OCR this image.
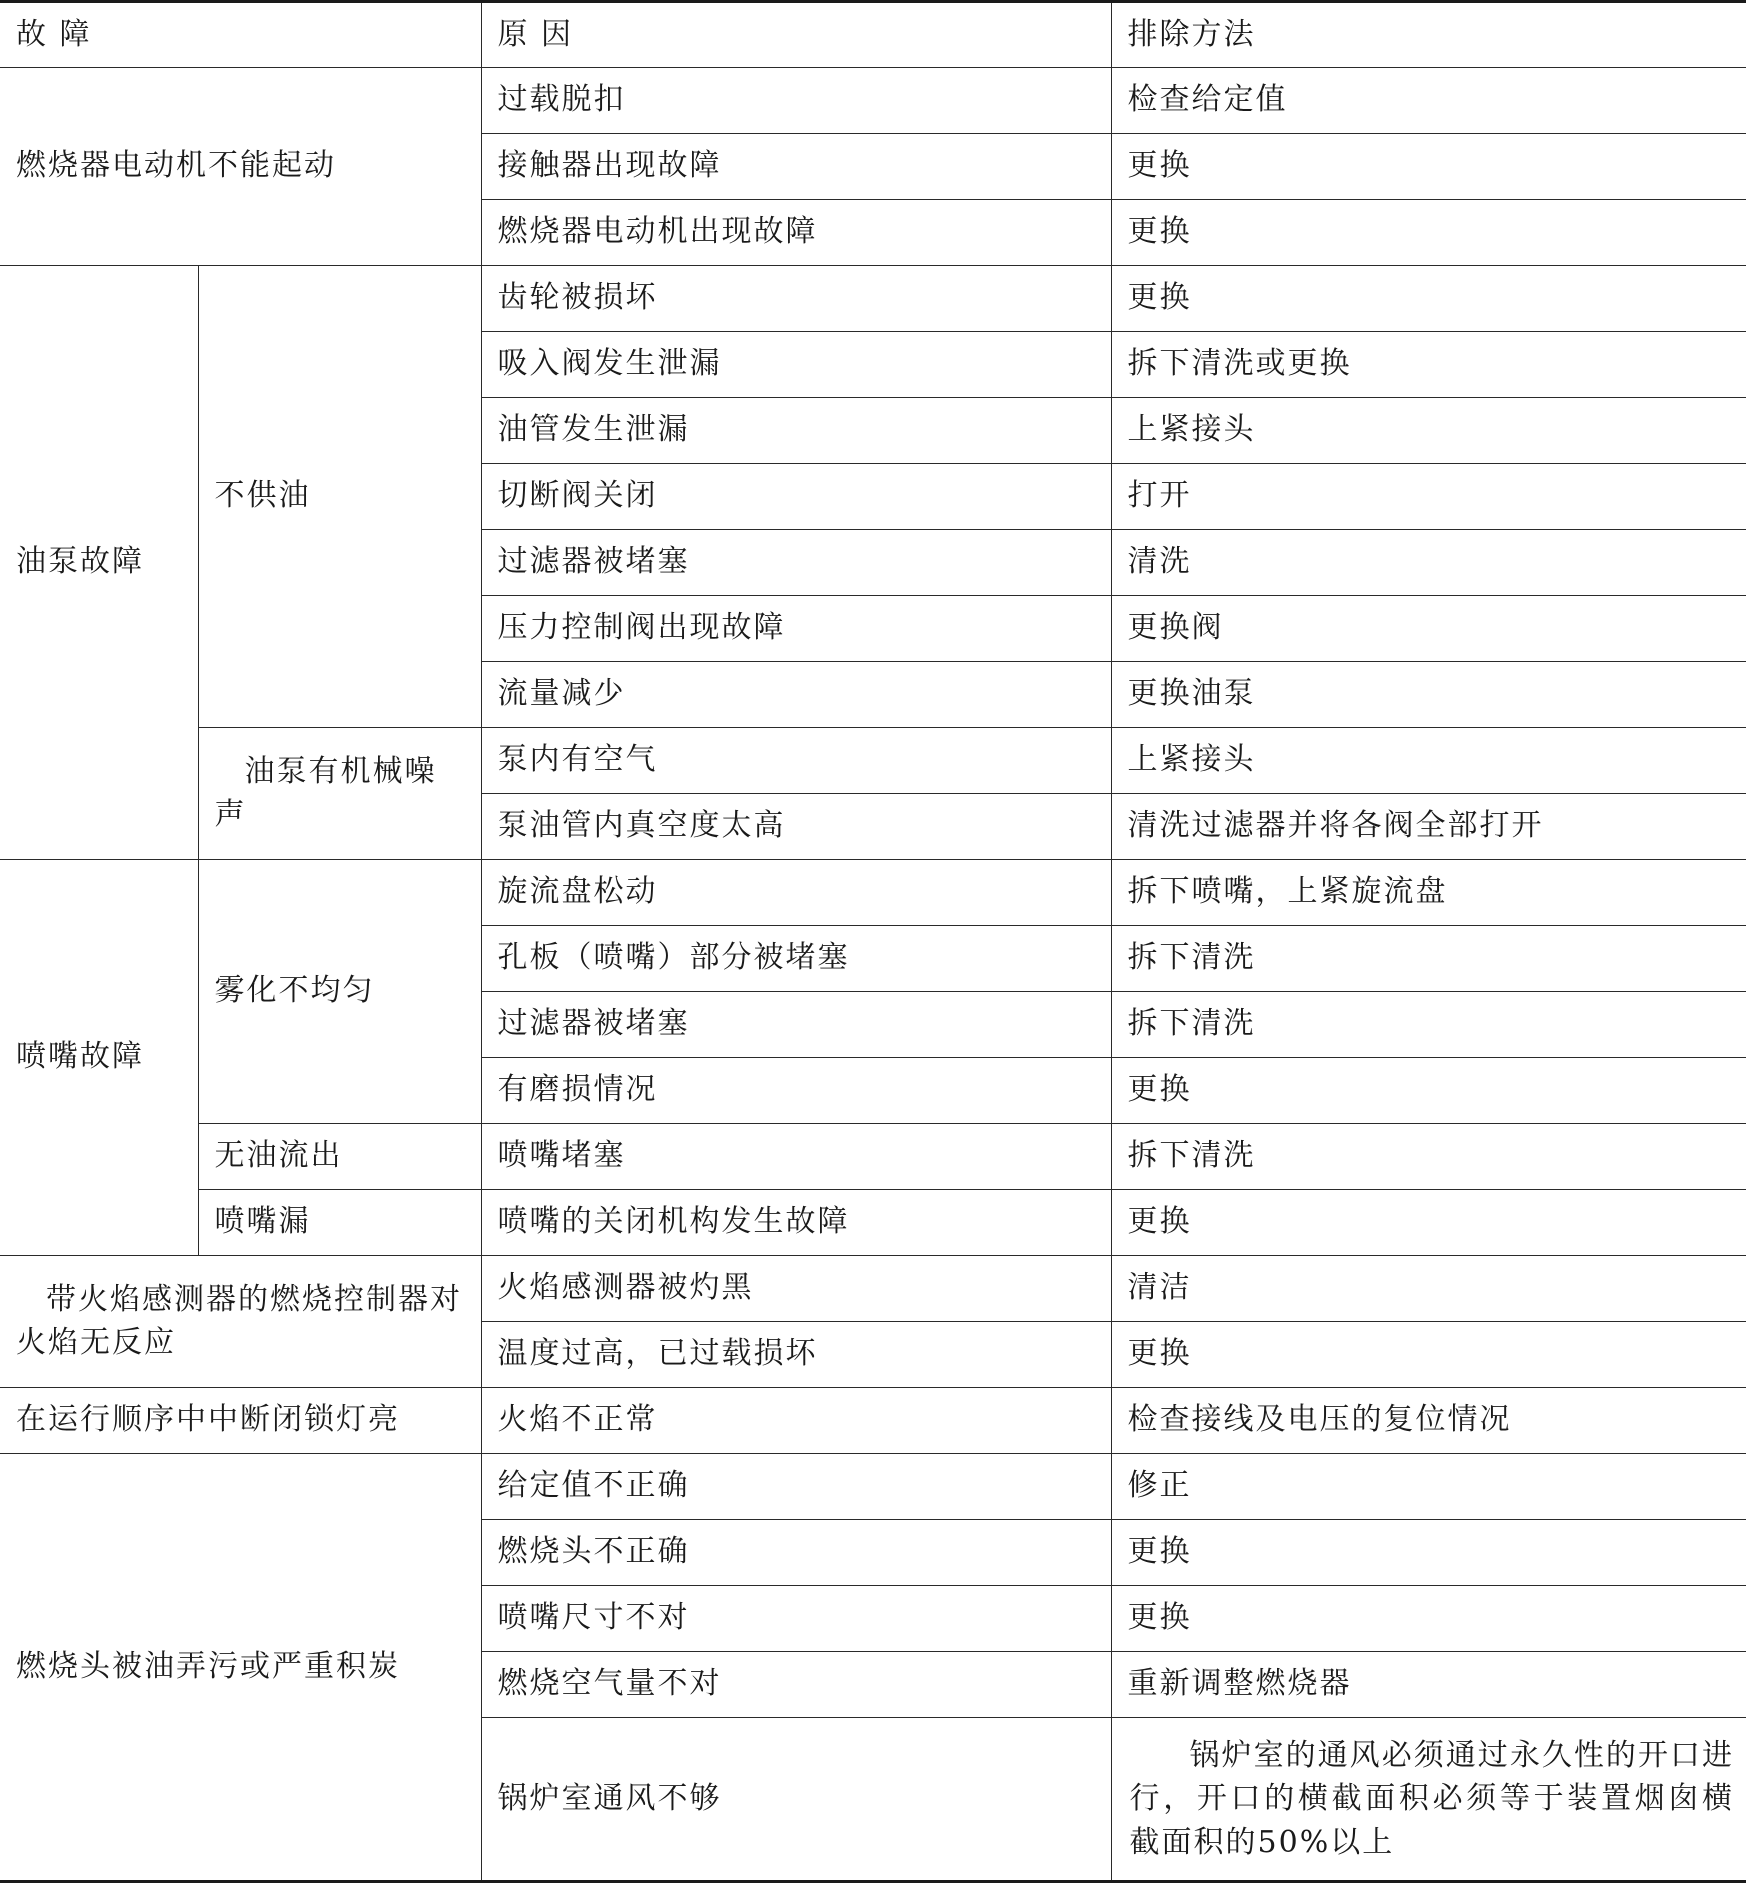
故 障		原 因	排除方法
燃烧器电动机不能起动		过载脱扣	检查给定值
		接触器出现故障	更换
		燃烧器电动机出现故障	更换
油泵故障	不供油	齿轮被损坏	更换
		吸入阀发生泄漏	拆下清洗或更换
		油管发生泄漏	上紧接头
		切断阀关闭	打开
		过滤器被堵塞	清洗
		压力控制阀出现故障	更换阀
		流量减少	更换油泵
	油泵有机械噪声	泵内有空气	上紧接头
		泵油管内真空度太高	清洗过滤器并将各阀全部打开
喷嘴故障	雾化不均匀	旋流盘松动	拆下喷嘴，上紧旋流盘
		孔板（喷嘴）部分被堵塞	拆下清洗
		过滤器被堵塞	拆下清洗
		有磨损情况	更换
	无油流出	喷嘴堵塞	拆下清洗
	喷嘴漏	喷嘴的关闭机构发生故障	更换
带火焰感测器的燃烧控制器对火焰无反应		火焰感测器被灼黑	清洁
		温度过高，已过载损坏	更换
在运行顺序中中断闭锁灯亮		火焰不正常	检查接线及电压的复位情况
燃烧头被油弄污或严重积炭		给定值不正确	修正
		燃烧头不正确	更换
		喷嘴尺寸不对	更换
		燃烧空气量不对	重新调整燃烧器
		锅炉室通风不够	锅炉室的通风必须通过永久性的开口进行，开口的横截面积必须等于装置烟囱横截面积的50%以上
